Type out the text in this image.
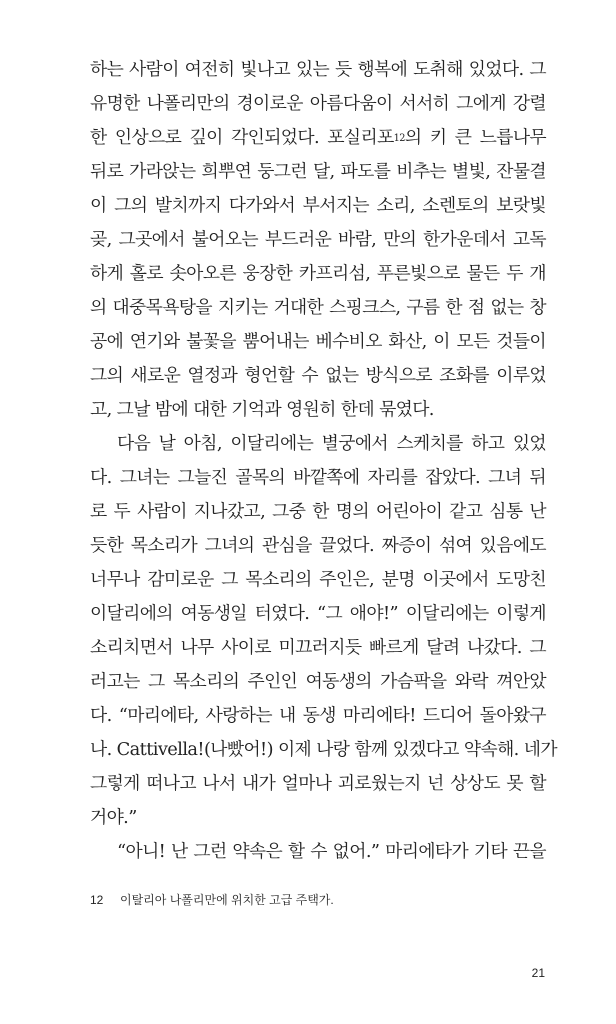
하는 사람이 여전히 빛나고 있는 듯 행복에 도취해 있었다. 그

유명한 나폴리만의 경이로운 아름다움이 서서히 그에게 강렬

한 인상으로 깊이 각인되었다. 포실리포$^{12}$의 키 큰 느릅나무

뒤로 가라앉는 희뿌연 둥그런 달, 파도를 비추는 별빛, 잔물결

이 그의 발치까지 다가와서 부서지는 소리, 소렌토의 보랏빛

곶, 그곳에서 불어오는 부드러운 바람, 만의 한가운데서 고독

하게 홀로 솟아오른 웅장한 카프리섬, 푸른빛으로 물든 두 개

의 대중목욕탕을 지키는 거대한 스핑크스, 구름 한 점 없는 창

공에 연기와 불꽃을 뿜어내는 베수비오 화산, 이 모든 것들이

그의 새로운 열정과 형언할 수 없는 방식으로 조화를 이루었

고, 그날 밤에 대한 기억과 영원히 한데 묶였다.

다음 날 아침, 이달리에는 별궁에서 스케치를 하고 있었

다. 그녀는 그늘진 골목의 바깥쪽에 자리를 잡았다. 그녀 뒤

로 두 사람이 지나갔고, 그중 한 명의 어린아이 같고 심통 난

듯한 목소리가 그녀의 관심을 끌었다. 짜증이 섞여 있음에도

너무나 감미로운 그 목소리의 주인은, 분명 이곳에서 도망친

이달리에의 여동생일 터였다. “그 애야!” 이달리에는 이렇게

소리치면서 나무 사이로 미끄러지듯 빠르게 달려 나갔다. 그

러고는 그 목소리의 주인인 여동생의 가슴팍을 와락 껴안았

다. “마리에타, 사랑하는 내 동생 마리에타! 드디어 돌아왔구

나. Cattivella!(나빴어!) 이제 나랑 함께 있겠다고 약속해. 네가

그렇게 떠나고 나서 내가 얼마나 괴로웠는지 넌 상상도 못 할

거야.”

“아니! 난 그런 약속은 할 수 없어.” 마리에타가 기타 끈을

12 이탈리아 나폴리만에 위치한 고급 주택가.
21
